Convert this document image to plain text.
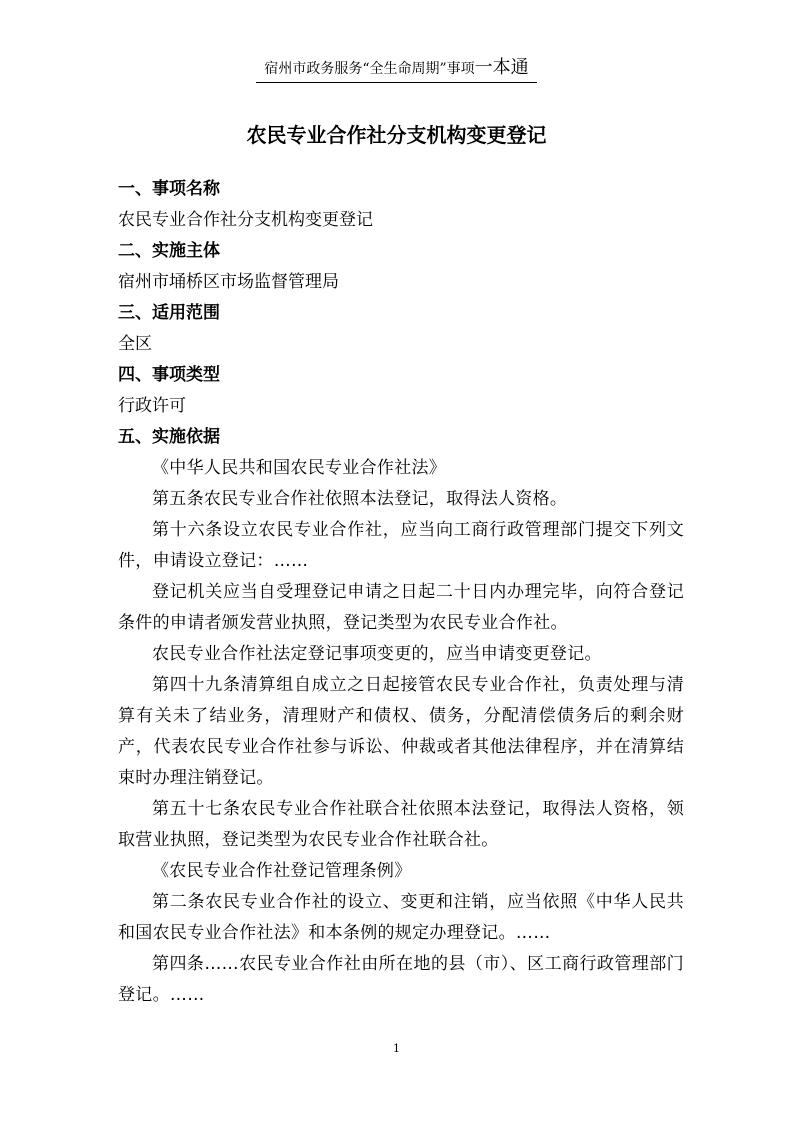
宿州市政务服务“全生命周期”事项一本通
农民专业合作社分支机构变更登记

一、事项名称

农民专业合作社分支机构变更登记

二、实施主体

宿州市埇桥区市场监督管理局

三、适用范围

全区

四、事项类型

行政许可

五、实施依据

《中华人民共和国农民专业合作社法》

第五条农民专业合作社依照本法登记，取得法人资格。

第十六条设立农民专业合作社，应当向工商行政管理部门提交下列文件，申请设立登记：……

登记机关应当自受理登记申请之日起二十日内办理完毕，向符合登记条件的申请者颁发营业执照，登记类型为农民专业合作社。

农民专业合作社法定登记事项变更的，应当申请变更登记。

第四十九条清算组自成立之日起接管农民专业合作社，负责处理与清算有关未了结业务，清理财产和债权、债务，分配清偿债务后的剩余财产，代表农民专业合作社参与诉讼、仲裁或者其他法律程序，并在清算结束时办理注销登记。

第五十七条农民专业合作社联合社依照本法登记，取得法人资格，领取营业执照，登记类型为农民专业合作社联合社。

《农民专业合作社登记管理条例》

第二条农民专业合作社的设立、变更和注销，应当依照《中华人民共和国农民专业合作社法》和本条例的规定办理登记。……

第四条……农民专业合作社由所在地的县（市）、区工商行政管理部门登记。……

1
